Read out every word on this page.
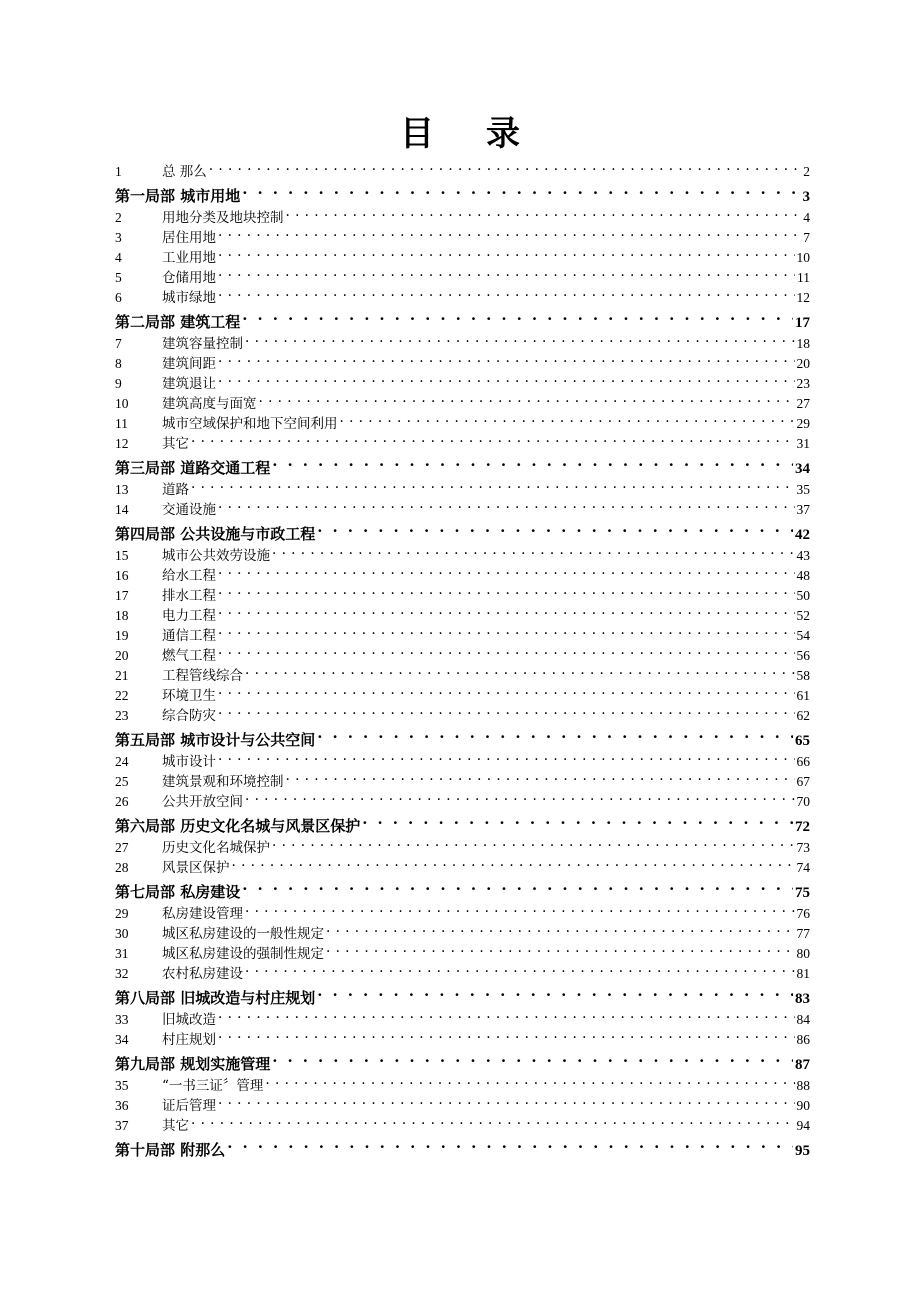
目 录
1	总 那么 . . .	2
第一局部 城市用地 . . .	3
2	用地分类及地块控制 . . .	4
3	居住用地 . . .	7
4	工业用地 . . .	10
5	仓储用地 . . .	11
6	城市绿地 . . .	12
第二局部 建筑工程 . . .	17
7	建筑容量控制 . . .	18
8	建筑间距 . . .	20
9	建筑退让 . . .	23
10	建筑高度与面宽 . . .	27
11	城市空域保护和地下空间利用 . . .	29
12	其它 . . .	31
第三局部 道路交通工程 . . .	34
13	道路 . . .	35
14	交通设施 . . .	37
第四局部 公共设施与市政工程 . . .	42
15	城市公共效劳设施 . . .	43
16	给水工程 . . .	48
17	排水工程 . . .	50
18	电力工程 . . .	52
19	通信工程 . . .	54
20	燃气工程 . . .	56
21	工程管线综合 . . .	58
22	环境卫生 . . .	61
23	综合防灾 . . .	62
第五局部 城市设计与公共空间 . . .	65
24	城市设计 . . .	66
25	建筑景观和环境控制 . . .	67
26	公共开放空间 . . .	70
第六局部 历史文化名城与风景区保护 . . .	72
27	历史文化名城保护 . . .	73
28	风景区保护 . . .	74
第七局部 私房建设 . . .	75
29	私房建设管理 . . .	76
30	城区私房建设的一般性规定 . . .	77
31	城区私房建设的强制性规定 . . .	80
32	农村私房建设 . . .	81
第八局部 旧城改造与村庄规划 . . .	83
33	旧城改造 . . .	84
34	村庄规划 . . .	86
第九局部 规划实施管理 . . .	87
35	“一书三证〞管理 . . .	88
36	证后管理 . . .	90
37	其它 . . .	94
第十局部 附那么 . . .	95
